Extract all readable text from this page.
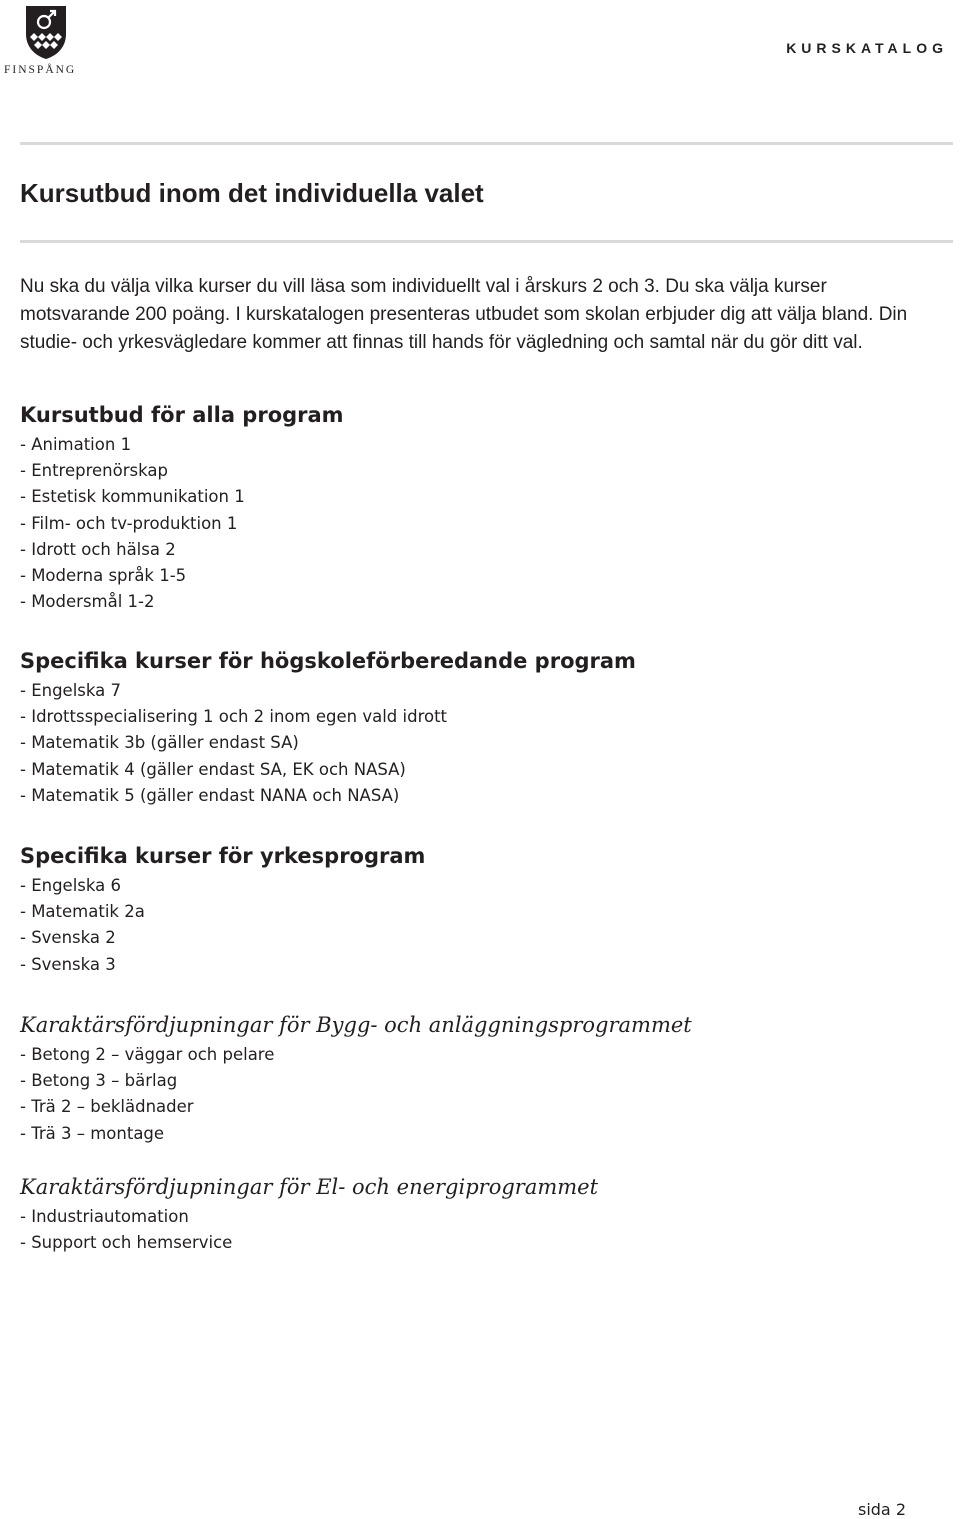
FINSPÅNG
KURSKATALOG
Kursutbud inom det individuella valet

Nu ska du välja vilka kurser du vill läsa som individuellt val i årskurs 2 och 3. Du ska välja kurser motsvarande 200 poäng. I kurskatalogen presenteras utbudet som skolan erbjuder dig att välja bland. Din studie- och yrkesvägledare kommer att finnas till hands för vägledning och samtal när du gör ditt val.

Kursutbud för alla program
- Animation 1
- Entreprenörskap
- Estetisk kommunikation 1
- Film- och tv-produktion 1
- Idrott och hälsa 2
- Moderna språk 1-5
- Modersmål 1-2
Specifika kurser för högskoleförberedande program
- Engelska 7
- Idrottsspecialisering 1 och 2 inom egen vald idrott
- Matematik 3b (gäller endast SA)
- Matematik 4 (gäller endast SA, EK och NASA)
- Matematik 5 (gäller endast NANA och NASA)
Specifika kurser för yrkesprogram
- Engelska 6
- Matematik 2a
- Svenska 2
- Svenska 3
Karaktärsfördjupningar för Bygg- och anläggningsprogrammet
- Betong 2 – väggar och pelare
- Betong 3 – bärlag
- Trä 2 – beklädnader
- Trä 3 – montage
Karaktärsfördjupningar för El- och energiprogrammet
- Industriautomation
- Support och hemservice
sida 2
